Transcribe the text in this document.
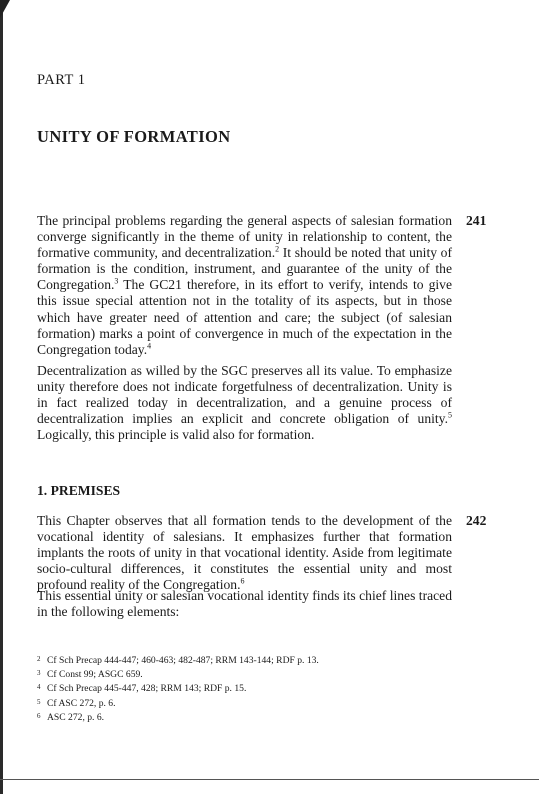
PART 1
UNITY OF FORMATION

The principal problems regarding the general aspects of salesian formation converge significantly in the theme of unity in relationship to content, the formative community, and decentralization.$^2$ It should be noted that unity of formation is the condition, instrument, and guarantee of the unity of the Congregation.$^3$ The GC21 therefore, in its effort to verify, intends to give this issue special attention not in the totality of its aspects, but in those which have greater need of attention and care; the subject (of salesian formation) marks a point of convergence in much of the expectation in the Congregation today.$^4$

241

Decentralization as willed by the SGC preserves all its value. To emphasize unity therefore does not indicate forgetfulness of decentralization. Unity is in fact realized today in decentralization, and a genuine process of decentralization implies an explicit and concrete obligation of unity.$^5$ Logically, this principle is valid also for formation.

1. PREMISES

This Chapter observes that all formation tends to the development of the vocational identity of salesians. It emphasizes further that formation implants the roots of unity in that vocational identity. Aside from legitimate socio-cultural differences, it constitutes the essential unity and most profound reality of the Congregation.$^6$

242

This essential unity or salesian vocational identity finds its chief lines traced in the following elements:

2 Cf Sch Precap 444-447; 460-463; 482-487; RRM 143-144; RDF p. 13.
3 Cf Const 99; ASGC 659.
4 Cf Sch Precap 445-447, 428; RRM 143; RDF p. 15.
5 Cf ASC 272, p. 6.
6 ASC 272, p. 6.
